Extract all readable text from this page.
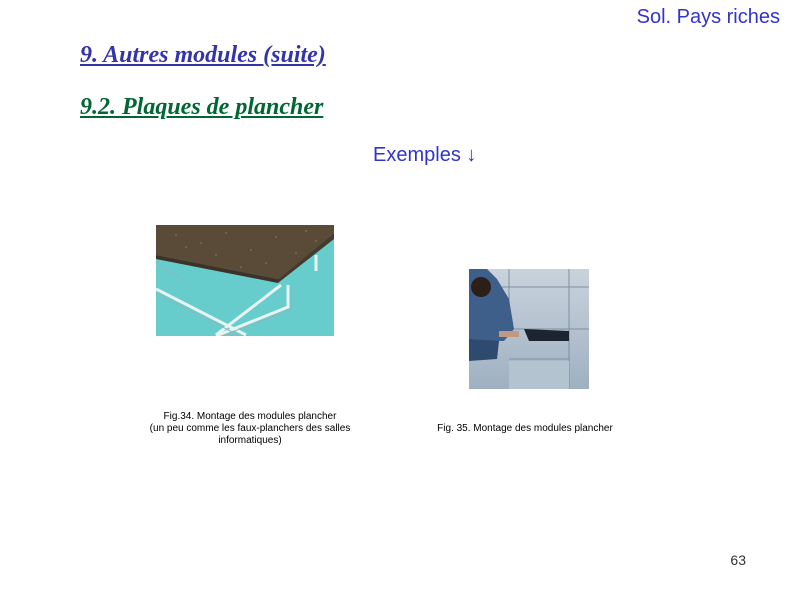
Sol. Pays riches
9. Autres modules (suite)
9.2. Plaques de plancher
Exemples ↓
Fig.34. Montage des modules plancher
(un peu comme les faux-planchers des salles
informatiques)
Fig. 35. Montage des modules plancher
63
